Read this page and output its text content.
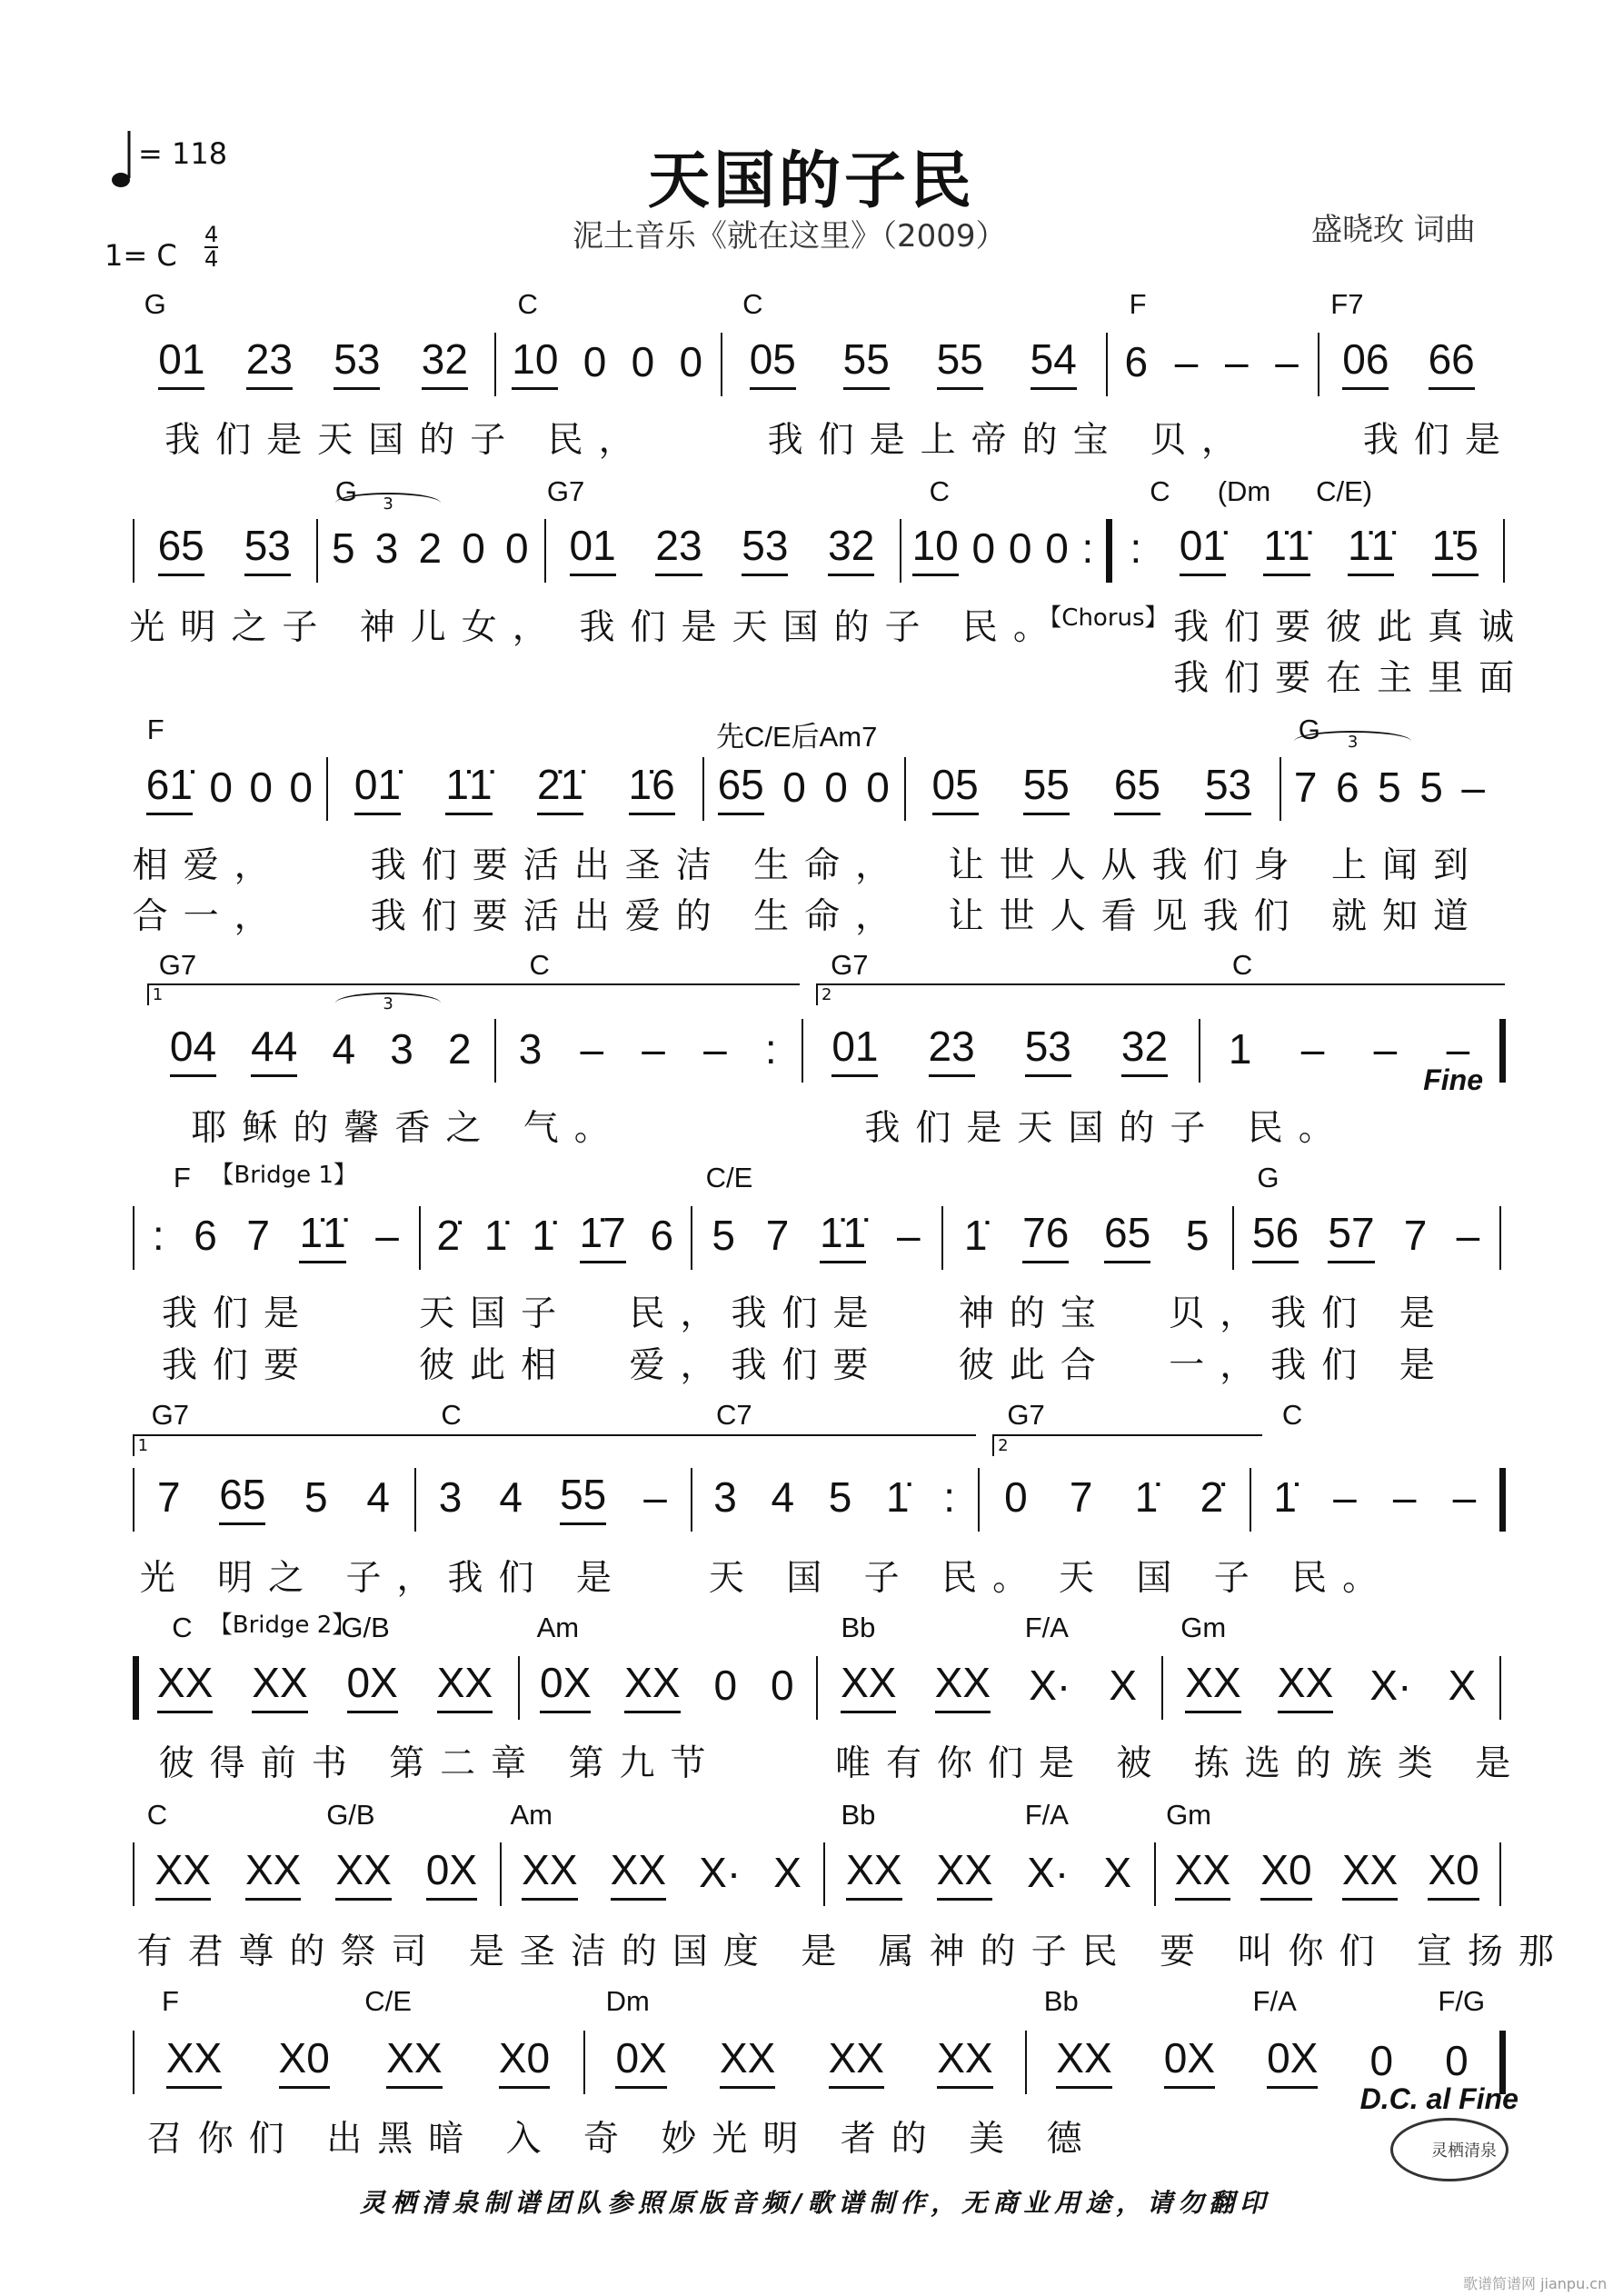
= 118	天国的子民
泥土音乐《就在这里》（2009）	盛晓玫 词曲
1= C
4
4
G	C	C	F	F7
01 23 53 32 10 0 0 0 05 55 55 54 6 – – – 06 66
我们是天国的子 民，	我们是上帝的宝 贝，	我们是
G	G7	C	C (Dm C/E)
65 53 5 3 2 0 0 01 23 53 32 10 0 0 0 : : 01̇ 1̇1̇ 1̇1̇ 1̇5
光明之子 神儿女， 我们是天国的子 民。
【Chorus】 我们要彼此真诚
我们要在主里面
3
F	先C/E后Am7	G
61̇ 0 0 0 01̇ 1̇1̇ 2̇1̇ 1̇6 65 0 0 0 05 55 65 53 7 6 5 5 –
相爱， 我们要活出圣洁 生命， 让世人从我们身 上闻到
合一， 我们要活出爱的 生命， 让世人看见我们 就知道
3
G7	C	G7	C
04 44 4 3 2 3 – – – : 01 23 53 32 1 – – –
耶稣的馨香之 气。	我们是天国的子 民。
3
1	2
Fine
F	C/E	G
: 6 7 1̇1̇ – 2̇ 1̇ 1̇ 1̇7 6 5 7 1̇1̇ – 1̇ 76 65 5 56 57 7 –
我们是	天国子 民，我们是 神的宝 贝，我们 是
我们要	彼此相 爱，我们要 彼此合 一，我们 是
【Bridge 1】
G7	C	C7	G7	C
7 65 5 4 3 4 55 – 3 4 5 1̇ : 0 7 1̇ 2̇ 1̇ – – –
光 明之 子，我们 是 天 国 子 民。 天 国 子 民。
1	2
C	G/B	Am	Bb	F/A	Gm
XX XX 0X XX 0X XX 0 0 XX XX X· X XX XX X· X
彼得前书 第二章 第九节	唯有你们是 被 拣选的族类 是
【Bridge 2】
C	G/B	Am	Bb	F/A	Gm
XX XX XX 0X XX XX X· X XX XX X· X XX X0 XX X0
有君尊的祭司 是圣洁的国度 是 属神的子民 要 叫你们 宣扬那
F	C/E	Dm	Bb	F/A	F/G
XX X0 XX X0 0X XX XX XX XX 0X 0X 0 0
召你们 出黑暗 入 奇 妙光明 者的 美 德
D.C. al Fine
灵栖清泉制谱团队参照原版音频/歌谱制作，无商业用途，请勿翻印
灵栖清泉
歌谱简谱网 jianpu.cn
